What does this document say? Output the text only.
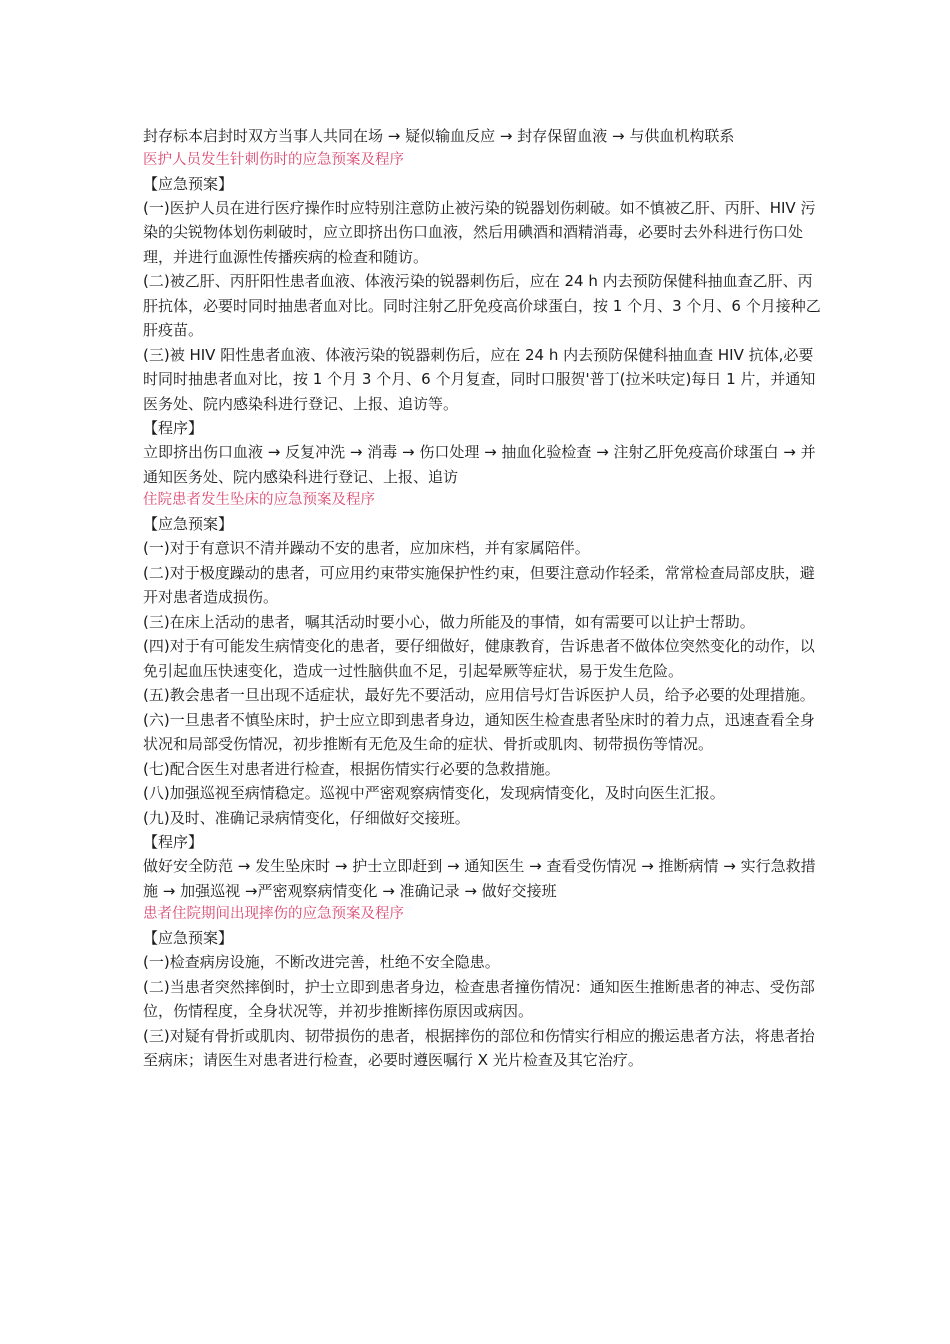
封存标本启封时双方当事人共同在场 → 疑似输血反应 → 封存保留血液 → 与供血机构联系

医护人员发生针刺伤时的应急预案及程序

【应急预案】

(一)医护人员在进行医疗操作时应特别注意防止被污染的锐器划伤刺破。如不慎被乙肝、丙肝、HIV 污染的尖锐物体划伤刺破时，应立即挤出伤口血液，然后用碘酒和酒精消毒，必要时去外科进行伤口处理，并进行血源性传播疾病的检查和随访。

(二)被乙肝、丙肝阳性患者血液、体液污染的锐器刺伤后，应在 24 h 内去预防保健科抽血查乙肝、丙肝抗体，必要时同时抽患者血对比。同时注射乙肝免疫高价球蛋白，按 1 个月、3 个月、6 个月接种乙肝疫苗。

(三)被 HIV 阳性患者血液、体液污染的锐器刺伤后，应在 24 h 内去预防保健科抽血查 HIV 抗体,必要时同时抽患者血对比，按 1 个月 3 个月、6 个月复查，同时口服贺'普丁(拉米呋定)每日 1 片，并通知医务处、院内感染科进行登记、上报、追访等。

【程序】

立即挤出伤口血液 → 反复冲洗 → 消毒 → 伤口处理 → 抽血化验检查 → 注射乙肝免疫高价球蛋白 → 并通知医务处、院内感染科进行登记、上报、追访

住院患者发生坠床的应急预案及程序

【应急预案】

(一)对于有意识不清并躁动不安的患者，应加床档，并有家属陪伴。

(二)对于极度躁动的患者，可应用约束带实施保护性约束，但要注意动作轻柔，常常检查局部皮肤，避开对患者造成损伤。

(三)在床上活动的患者，嘱其活动时要小心，做力所能及的事情，如有需要可以让护士帮助。

(四)对于有可能发生病情变化的患者，要仔细做好，健康教育，告诉患者不做体位突然变化的动作，以免引起血压快速变化，造成一过性脑供血不足，引起晕厥等症状，易于发生危险。

(五)教会患者一旦出现不适症状，最好先不要活动，应用信号灯告诉医护人员，给予必要的处理措施。

(六)一旦患者不慎坠床时，护士应立即到患者身边，通知医生检查患者坠床时的着力点，迅速查看全身状况和局部受伤情况，初步推断有无危及生命的症状、骨折或肌肉、韧带损伤等情况。

(七)配合医生对患者进行检查，根据伤情实行必要的急救措施。

(八)加强巡视至病情稳定。巡视中严密观察病情变化，发现病情变化，及时向医生汇报。

(九)及时、准确记录病情变化，仔细做好交接班。

【程序】

做好安全防范 → 发生坠床时 → 护士立即赶到 → 通知医生 → 查看受伤情况 → 推断病情 → 实行急救措施 → 加强巡视 →严密观察病情变化 → 准确记录 → 做好交接班

患者住院期间出现摔伤的应急预案及程序

【应急预案】

(一)检查病房设施，不断改进完善，杜绝不安全隐患。

(二)当患者突然摔倒时，护士立即到患者身边，检查患者撞伤情况：通知医生推断患者的神志、受伤部位，伤情程度，全身状况等，并初步推断摔伤原因或病因。

(三)对疑有骨折或肌肉、韧带损伤的患者，根据摔伤的部位和伤情实行相应的搬运患者方法，将患者抬至病床；请医生对患者进行检查，必要时遵医嘱行 X 光片检查及其它治疗。
